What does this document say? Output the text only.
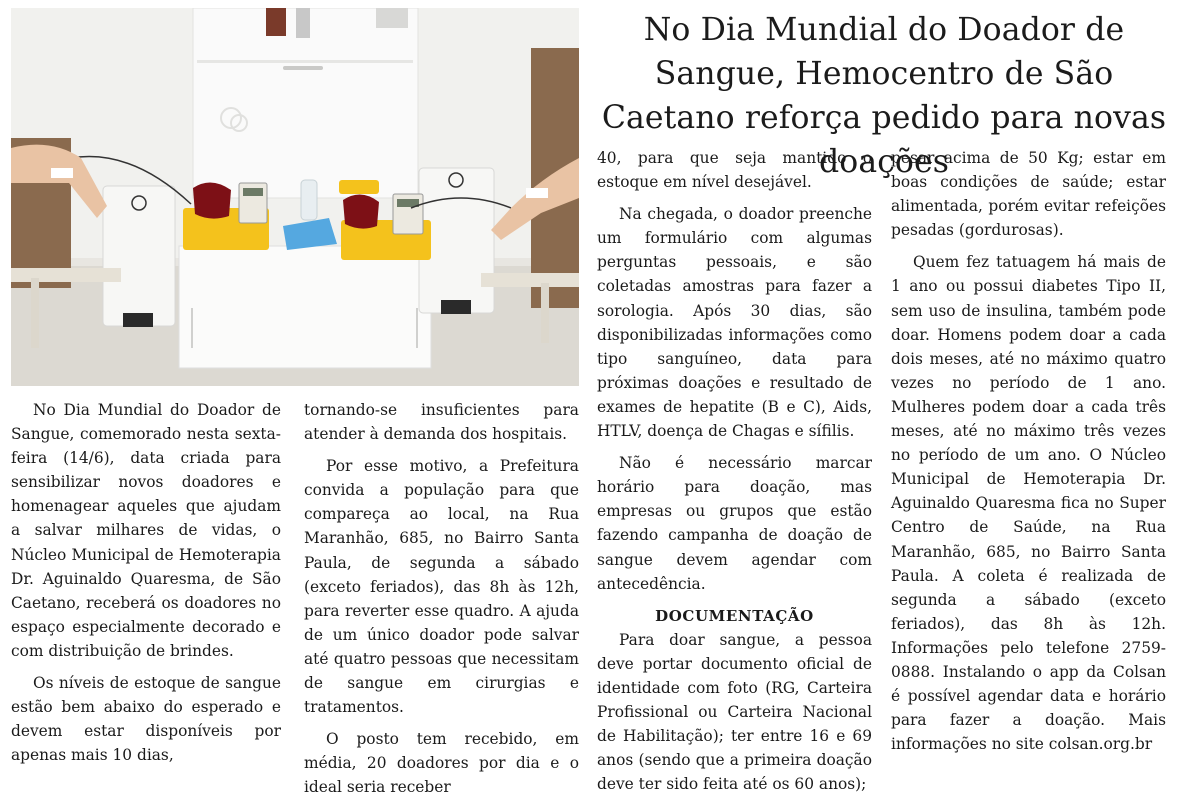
No Dia Mundial do Doador de Sangue, Hemocentro de São Caetano reforça pedido para novas doações

No Dia Mundial do Doador de Sangue, comemorado nesta sexta-feira (14/6), data criada para sensibilizar novos doadores e homenagear aqueles que ajudam a salvar milhares de vidas, o Núcleo Municipal de Hemoterapia Dr. Aguinaldo Quaresma, de São Caetano, receberá os doadores no espaço especialmente decorado e com distribuição de brindes.

Os níveis de estoque de sangue estão bem abaixo do esperado e devem estar disponíveis por apenas mais 10 dias,

tornando-se insuficientes para atender à demanda dos hospitais.

Por esse motivo, a Prefeitura convida a população para que compareça ao local, na Rua Maranhão, 685, no Bairro Santa Paula, de segunda a sábado (exceto feriados), das 8h às 12h, para reverter esse quadro. A ajuda de um único doador pode salvar até quatro pessoas que necessitam de sangue em cirurgias e tratamentos.

O posto tem recebido, em média, 20 doadores por dia e o ideal seria receber

40, para que seja mantido o estoque em nível desejável.

Na chegada, o doador preenche um formulário com algumas perguntas pessoais, e são coletadas amostras para fazer a sorologia. Após 30 dias, são disponibilizadas informações como tipo sanguíneo, data para próximas doações e resultado de exames de hepatite (B e C), Aids, HTLV, doença de Chagas e sífilis.

Não é necessário marcar horário para doação, mas empresas ou grupos que estão fazendo campanha de doação de sangue devem agendar com antecedência.

DOCUMENTAÇÃO

Para doar sangue, a pessoa deve portar documento oficial de identidade com foto (RG, Carteira Profissional ou Carteira Nacional de Habilitação); ter entre 16 e 69 anos (sendo que a primeira doação deve ter sido feita até os 60 anos);

pesar acima de 50 Kg; estar em boas condições de saúde; estar alimentada, porém evitar refeições pesadas (gordurosas).

Quem fez tatuagem há mais de 1 ano ou possui diabetes Tipo II, sem uso de insulina, também pode doar. Homens podem doar a cada dois meses, até no máximo quatro vezes no período de 1 ano. Mulheres podem doar a cada três meses, até no máximo três vezes no período de um ano. O Núcleo Municipal de Hemoterapia Dr. Aguinaldo Quaresma fica no Super Centro de Saúde, na Rua Maranhão, 685, no Bairro Santa Paula. A coleta é realizada de segunda a sábado (exceto feriados), das 8h às 12h. Informações pelo telefone 2759-0888. Instalando o app da Colsan é possível agendar data e horário para fazer a doação. Mais informações no site colsan.org.br
